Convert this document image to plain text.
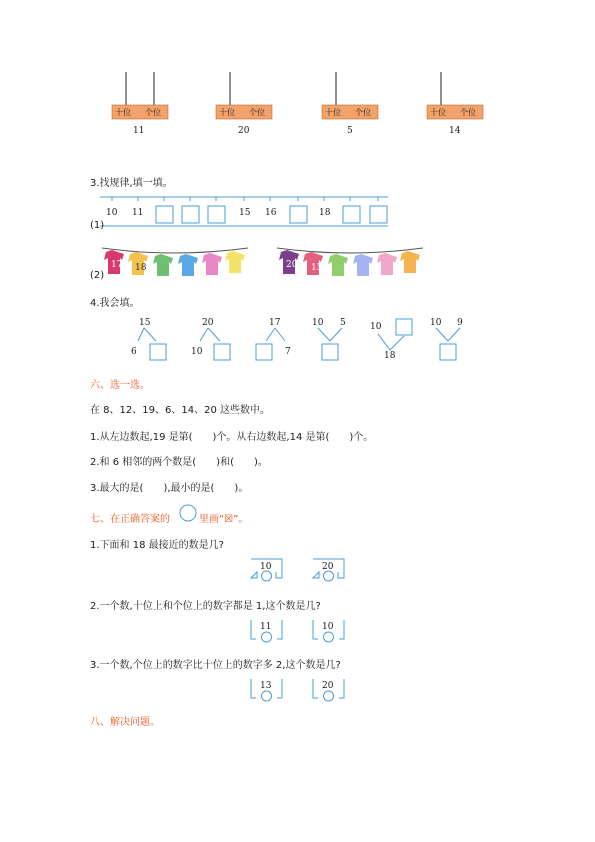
十位 个位
11
十位 个位
20
十位 个位
5
十位 个位
14
3.找规律,填一填。
10 11	15 16	18
(1)
17 18
(2)
20 15
4.我会填。
15
6
20
10
17
7
10 5	10
18
10 9
六、选一选。
在 8、12、19、6、14、20 这些数中。
1.从左边数起,19 是第(　　)个。从右边数起,14 是第(　　)个。
2.和 6 相邻的两个数是(　　)和(　　)。
3.最大的是(　　),最小的是(　　)。
七、在正确答案的	里画“☒”。
1.下面和 18 最接近的数是几?
10	20
2.一个数,十位上和个位上的数字都是 1,这个数是几?
11	10
3.一个数,个位上的数字比十位上的数字多 2,这个数是几?
13	20
八、解决问题。
